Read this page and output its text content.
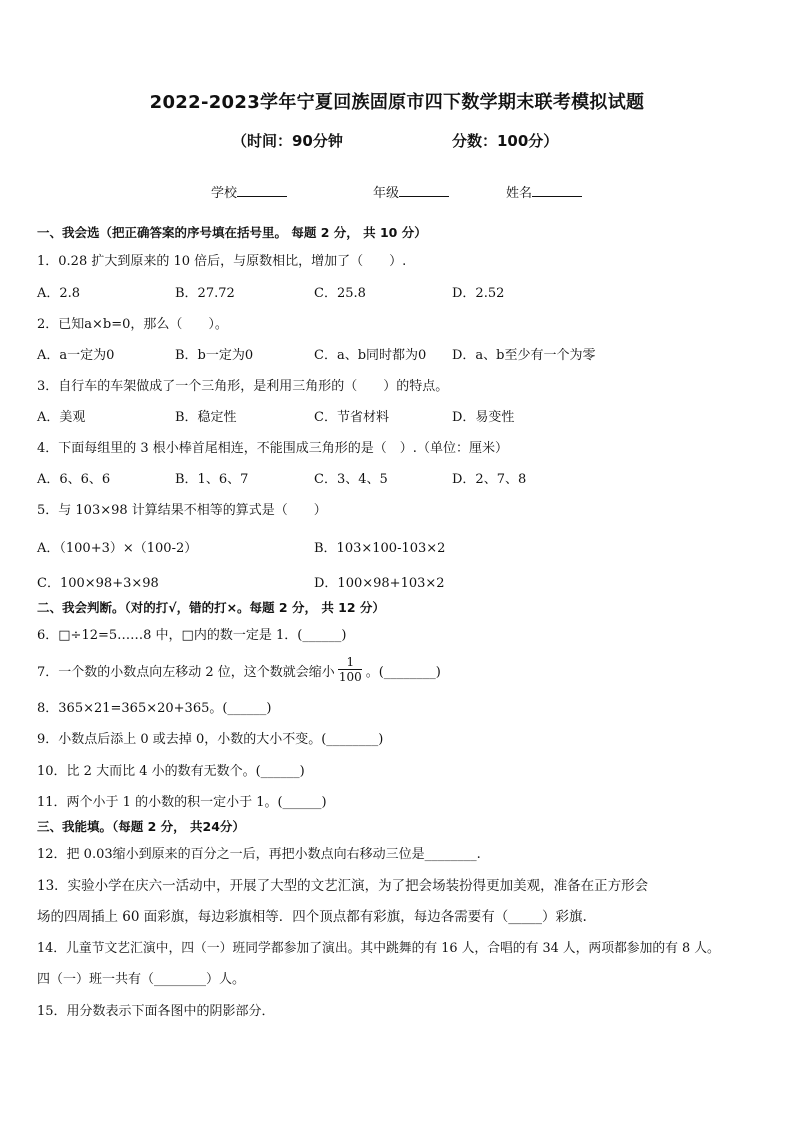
2022-2023学年宁夏回族固原市四下数学期末联考模拟试题
（时间：90分钟	分数：100分）
学校	年级	姓名
一、我会选（把正确答案的序号填在括号里。 每题 2 分， 共 10 分）
1．0.28 扩大到原来的 10 倍后，与原数相比，增加了（　　）.
A．2.8	B．27.72	C．25.8	D．2.52
2．已知a×b=0，那么（　　）。
A．a一定为0	B．b一定为0	C．a、b同时都为0 D．a、b至少有一个为零
3．自行车的车架做成了一个三角形，是利用三角形的（　　）的特点。
A．美观	B．稳定性	C．节省材料	D．易变性
4．下面每组里的 3 根小棒首尾相连，不能围成三角形的是（　）.（单位：厘米）
A．6、6、6	B．1、6、7	C．3、4、5	D．2、7、8
5．与 103×98 计算结果不相等的算式是（　　）
A．（100+3）×（100-2）	B．103×100-103×2
C．100×98+3×98	D．100×98+103×2
二、我会判断。（对的打√，错的打×。每题 2 分， 共 12 分）
6．□÷12=5……8 中，□内的数一定是 1．(______)
7．一个数的小数点向左移动 2 位，这个数就会缩小 $\frac{1}{100}$ 。(________)
8．365×21=365×20+365。(______)
9．小数点后添上 0 或去掉 0，小数的大小不变。(________)
10．比 2 大而比 4 小的数有无数个。(______)
11．两个小于 1 的小数的积一定小于 1。(______)
三、我能填。（每题 2 分， 共24分）
12．把 0.03缩小到原来的百分之一后，再把小数点向右移动三位是________.
13．实验小学在庆六一活动中，开展了大型的文艺汇演，为了把会场装扮得更加美观，准备在正方形会
场的四周插上 60 面彩旗，每边彩旗相等．四个顶点都有彩旗，每边各需要有（_____）彩旗.
14．儿童节文艺汇演中，四（一）班同学都参加了演出。其中跳舞的有 16 人，合唱的有 34 人，两项都参加的有 8 人。
四（一）班一共有（________）人。
15．用分数表示下面各图中的阴影部分．
